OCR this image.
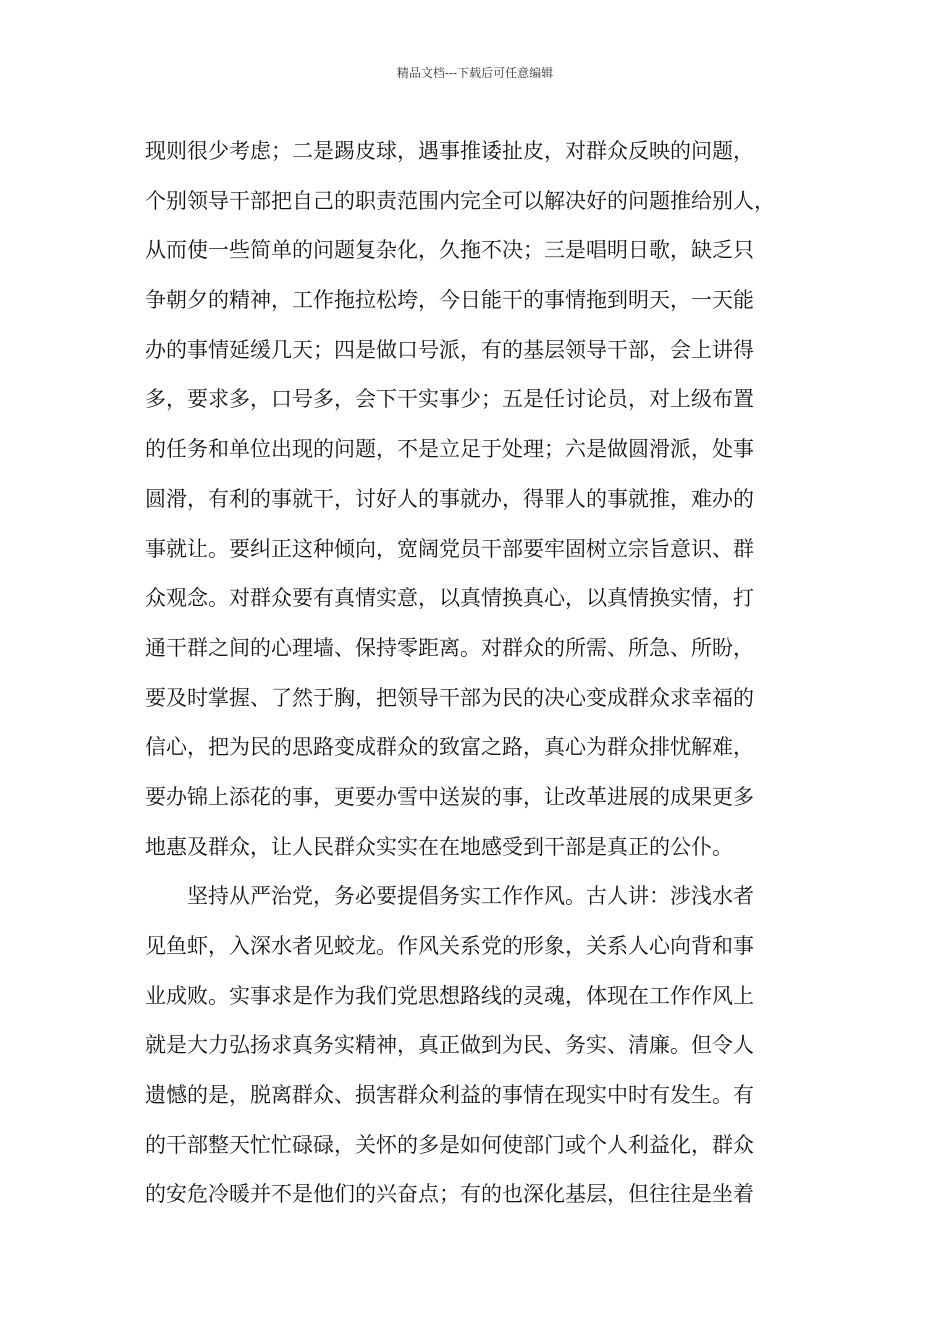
精品文档---下载后可任意编辑
现则很少考虑；二是踢皮球，遇事推诿扯皮，对群众反映的问题，
个别领导干部把自己的职责范围内完全可以解决好的问题推给别人，
从而使一些简单的问题复杂化，久拖不决；三是唱明日歌，缺乏只
争朝夕的精神，工作拖拉松垮，今日能干的事情拖到明天，一天能
办的事情延缓几天；四是做口号派，有的基层领导干部，会上讲得
多，要求多，口号多，会下干实事少；五是任讨论员，对上级布置
的任务和单位出现的问题，不是立足于处理；六是做圆滑派，处事
圆滑，有利的事就干，讨好人的事就办，得罪人的事就推，难办的
事就让。要纠正这种倾向，宽阔党员干部要牢固树立宗旨意识、群
众观念。对群众要有真情实意，以真情换真心，以真情换实情，打
通干群之间的心理墙、保持零距离。对群众的所需、所急、所盼，
要及时掌握、了然于胸，把领导干部为民的决心变成群众求幸福的
信心，把为民的思路变成群众的致富之路，真心为群众排忧解难，
要办锦上添花的事，更要办雪中送炭的事，让改革进展的成果更多
地惠及群众，让人民群众实实在在地感受到干部是真正的公仆。
　　坚持从严治党，务必要提倡务实工作作风。古人讲：涉浅水者
见鱼虾，入深水者见蛟龙。作风关系党的形象，关系人心向背和事
业成败。实事求是作为我们党思想路线的灵魂，体现在工作作风上
就是大力弘扬求真务实精神，真正做到为民、务实、清廉。但令人
遗憾的是，脱离群众、损害群众利益的事情在现实中时有发生。有
的干部整天忙忙碌碌，关怀的多是如何使部门或个人利益化，群众
的安危冷暖并不是他们的兴奋点；有的也深化基层，但往往是坐着
